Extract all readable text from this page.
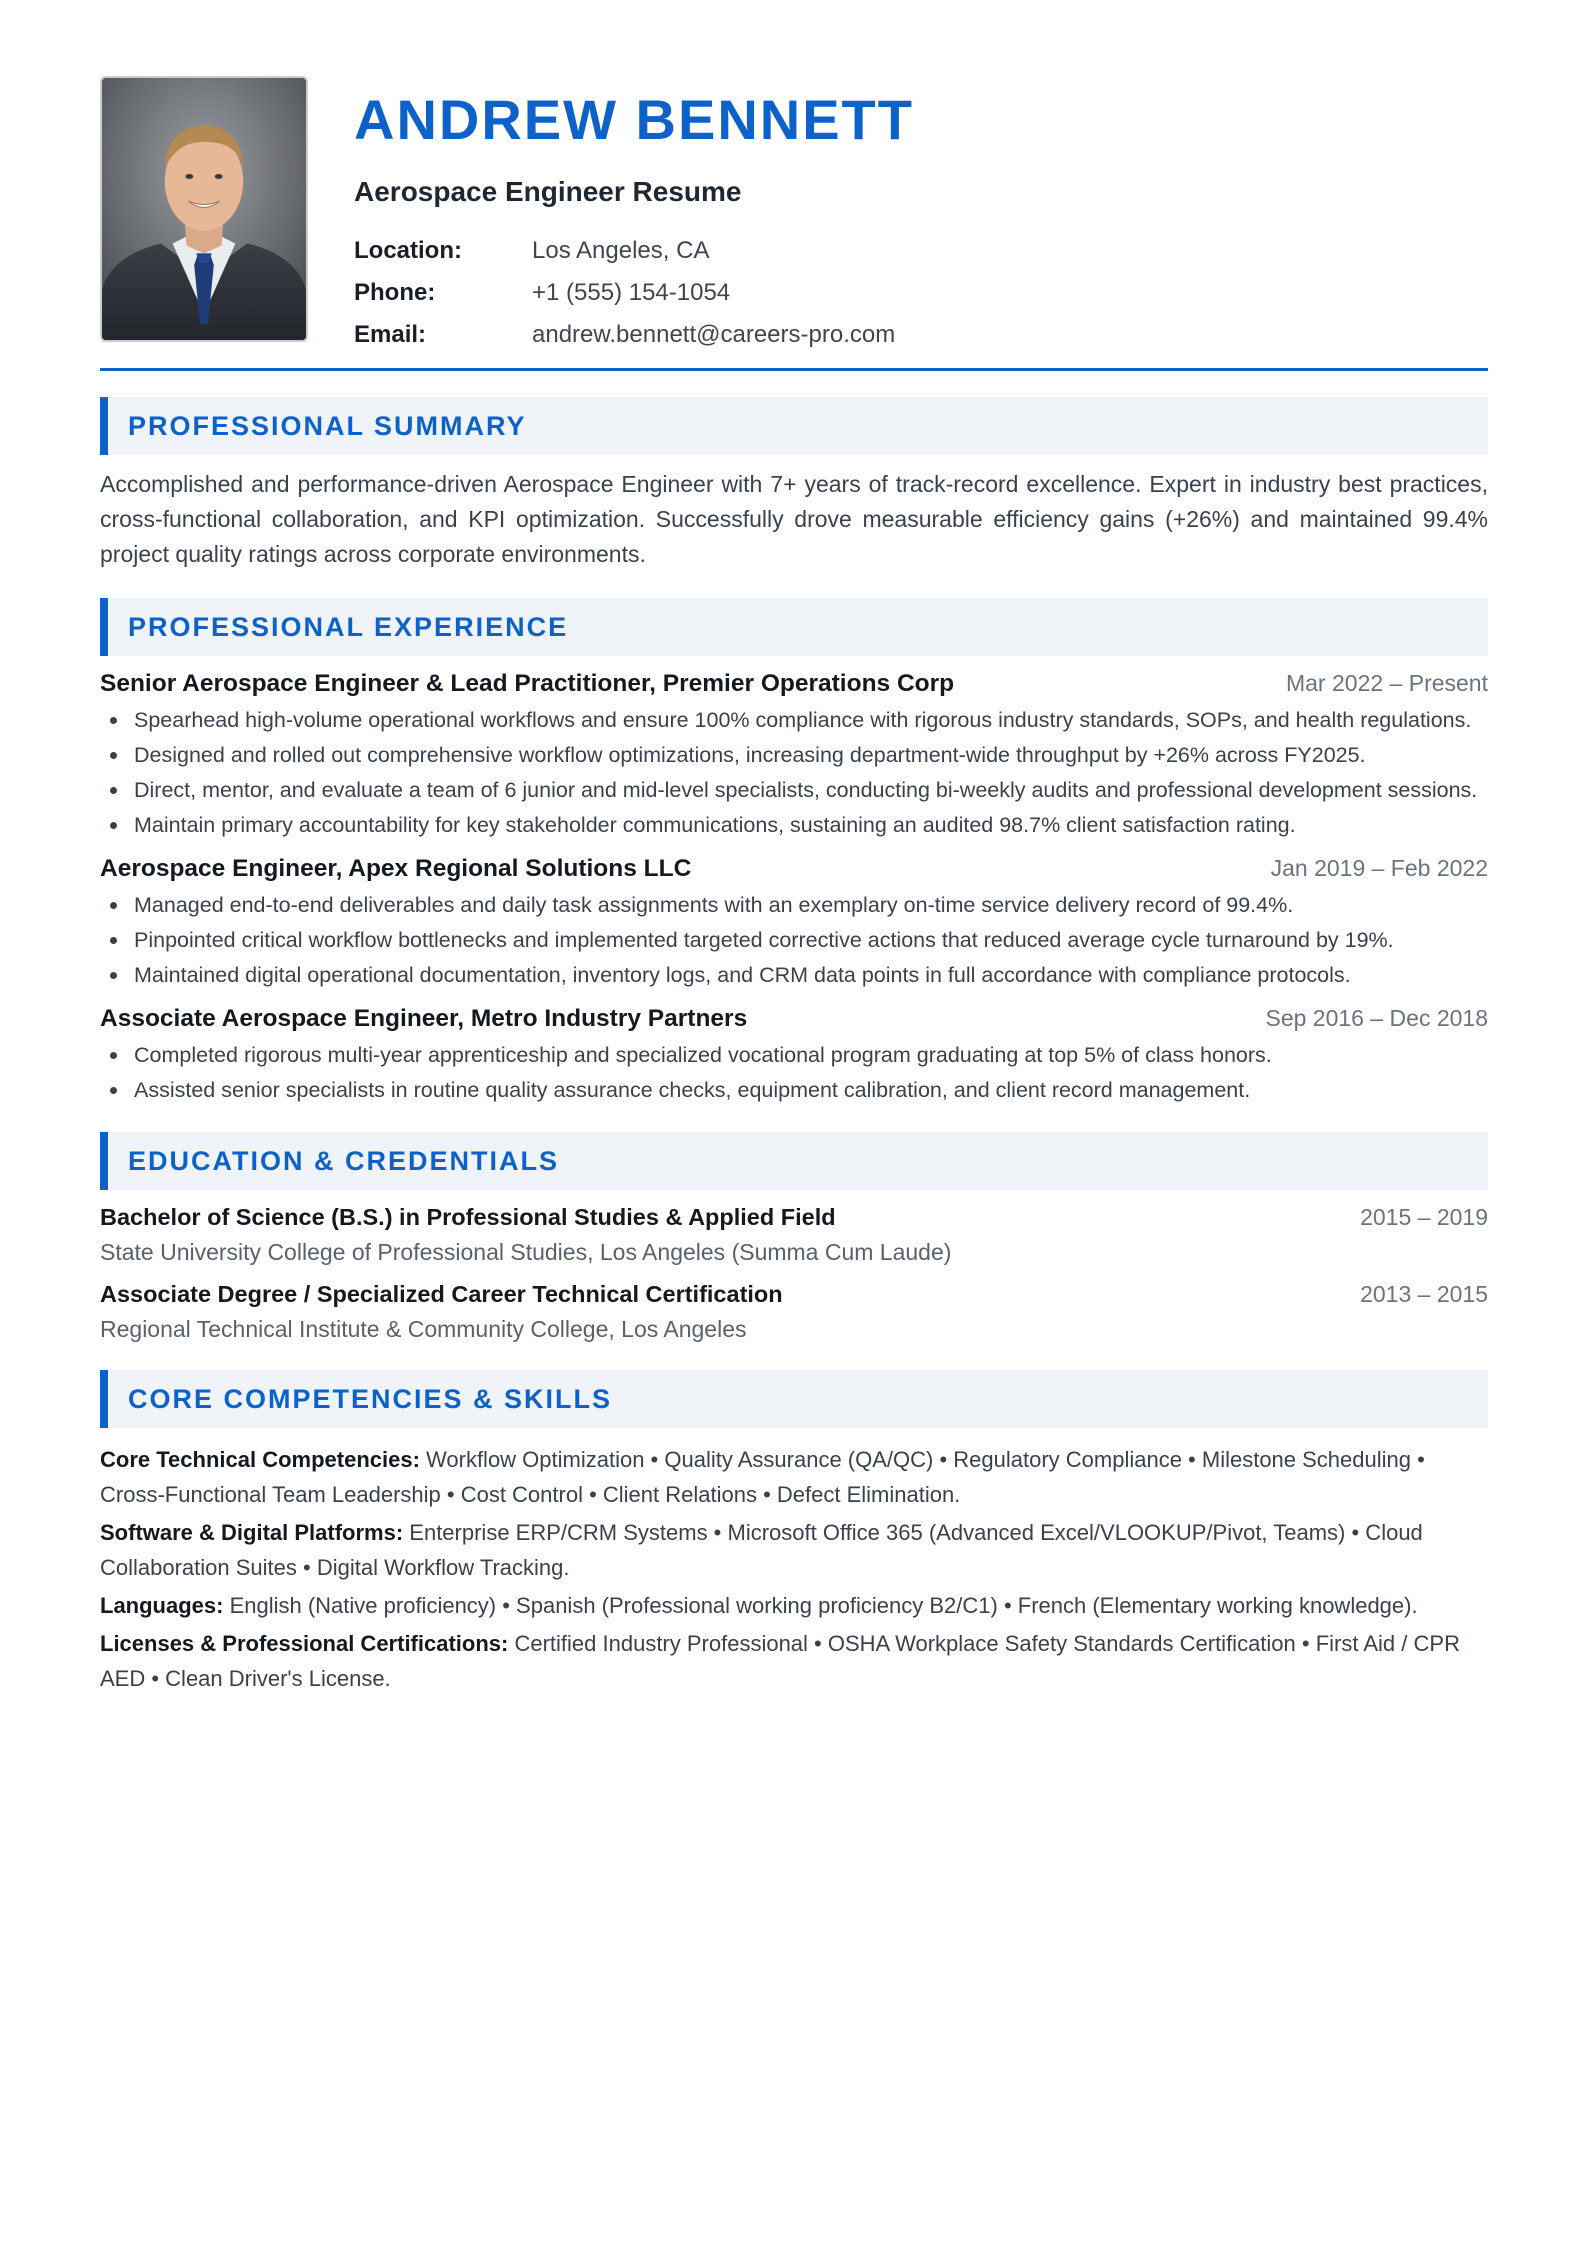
ANDREW BENNETT
Aerospace Engineer Resume
Location:	Los Angeles, CA
Phone:	+1 (555) 154-1054
Email:	andrew.bennett@careers-pro.com
PROFESSIONAL SUMMARY
Accomplished and performance-driven Aerospace Engineer with 7+ years of track-record excellence. Expert in industry best practices, cross-functional collaboration, and KPI optimization. Successfully drove measurable efficiency gains (+26%) and maintained 99.4% project quality ratings across corporate environments.
PROFESSIONAL EXPERIENCE
Senior Aerospace Engineer & Lead Practitioner, Premier Operations Corp	Mar 2022 – Present
Spearhead high-volume operational workflows and ensure 100% compliance with rigorous industry standards, SOPs, and health regulations.
Designed and rolled out comprehensive workflow optimizations, increasing department-wide throughput by +26% across FY2025.
Direct, mentor, and evaluate a team of 6 junior and mid-level specialists, conducting bi-weekly audits and professional development sessions.
Maintain primary accountability for key stakeholder communications, sustaining an audited 98.7% client satisfaction rating.
Aerospace Engineer, Apex Regional Solutions LLC	Jan 2019 – Feb 2022
Managed end-to-end deliverables and daily task assignments with an exemplary on-time service delivery record of 99.4%.
Pinpointed critical workflow bottlenecks and implemented targeted corrective actions that reduced average cycle turnaround by 19%.
Maintained digital operational documentation, inventory logs, and CRM data points in full accordance with compliance protocols.
Associate Aerospace Engineer, Metro Industry Partners	Sep 2016 – Dec 2018
Completed rigorous multi-year apprenticeship and specialized vocational program graduating at top 5% of class honors.
Assisted senior specialists in routine quality assurance checks, equipment calibration, and client record management.
EDUCATION & CREDENTIALS
Bachelor of Science (B.S.) in Professional Studies & Applied Field	2015 – 2019
State University College of Professional Studies, Los Angeles (Summa Cum Laude)
Associate Degree / Specialized Career Technical Certification	2013 – 2015
Regional Technical Institute & Community College, Los Angeles
CORE COMPETENCIES & SKILLS
Core Technical Competencies: Workflow Optimization • Quality Assurance (QA/QC) • Regulatory Compliance • Milestone Scheduling • Cross-Functional Team Leadership • Cost Control • Client Relations • Defect Elimination.
Software & Digital Platforms: Enterprise ERP/CRM Systems • Microsoft Office 365 (Advanced Excel/VLOOKUP/Pivot, Teams) • Cloud Collaboration Suites • Digital Workflow Tracking.
Languages: English (Native proficiency) • Spanish (Professional working proficiency B2/C1) • French (Elementary working knowledge).
Licenses & Professional Certifications: Certified Industry Professional • OSHA Workplace Safety Standards Certification • First Aid / CPR AED • Clean Driver's License.
